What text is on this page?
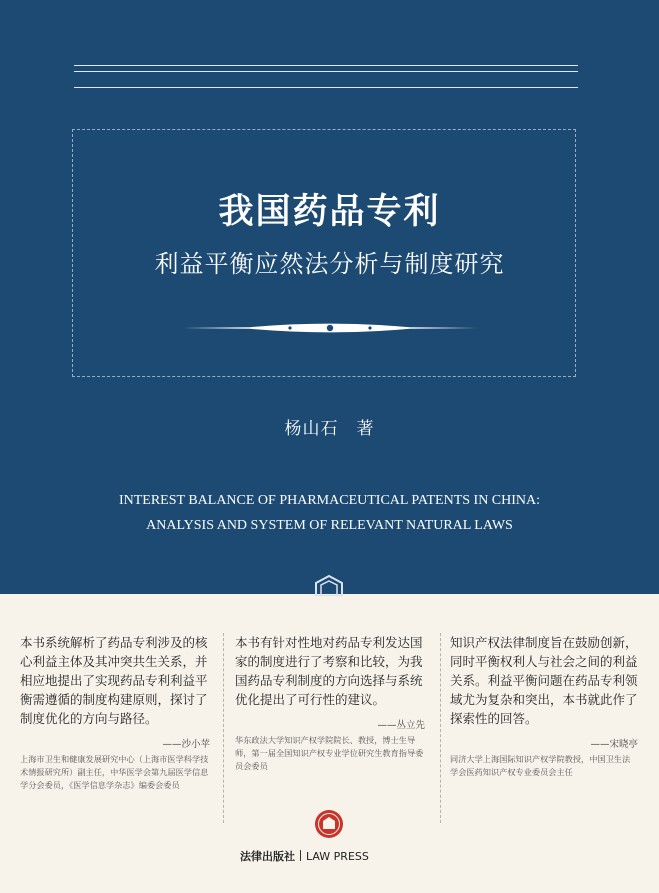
我国药品专利
利益平衡应然法分析与制度研究
杨山石　著
INTEREST BALANCE OF PHARMACEUTICAL PATENTS IN CHINA:
ANALYSIS AND SYSTEM OF RELEVANT NATURAL LAWS
本书系统解析了药品专利涉及的核心利益主体及其冲突共生关系，并相应地提出了实现药品专利利益平衡需遵循的制度构建原则，探讨了制度优化的方向与路径。
——沙小苹
上海市卫生和健康发展研究中心（上海市医学科学技术情报研究所）副主任，中华医学会第九届医学信息学分会委员，《医学信息学杂志》编委会委员
本书有针对性地对药品专利发达国家的制度进行了考察和比较，为我国药品专利制度的方向选择与系统优化提出了可行性的建议。
——丛立先
华东政法大学知识产权学院院长、教授，博士生导师，第一届全国知识产权专业学位研究生教育指导委员会委员
知识产权法律制度旨在鼓励创新，同时平衡权利人与社会之间的利益关系。利益平衡问题在药品专利领域尤为复杂和突出，本书就此作了探索性的回答。
——宋晓亭
同济大学上海国际知识产权学院教授，中国卫生法学会医药知识产权专业委员会主任
法律出版社 LAW PRESS
